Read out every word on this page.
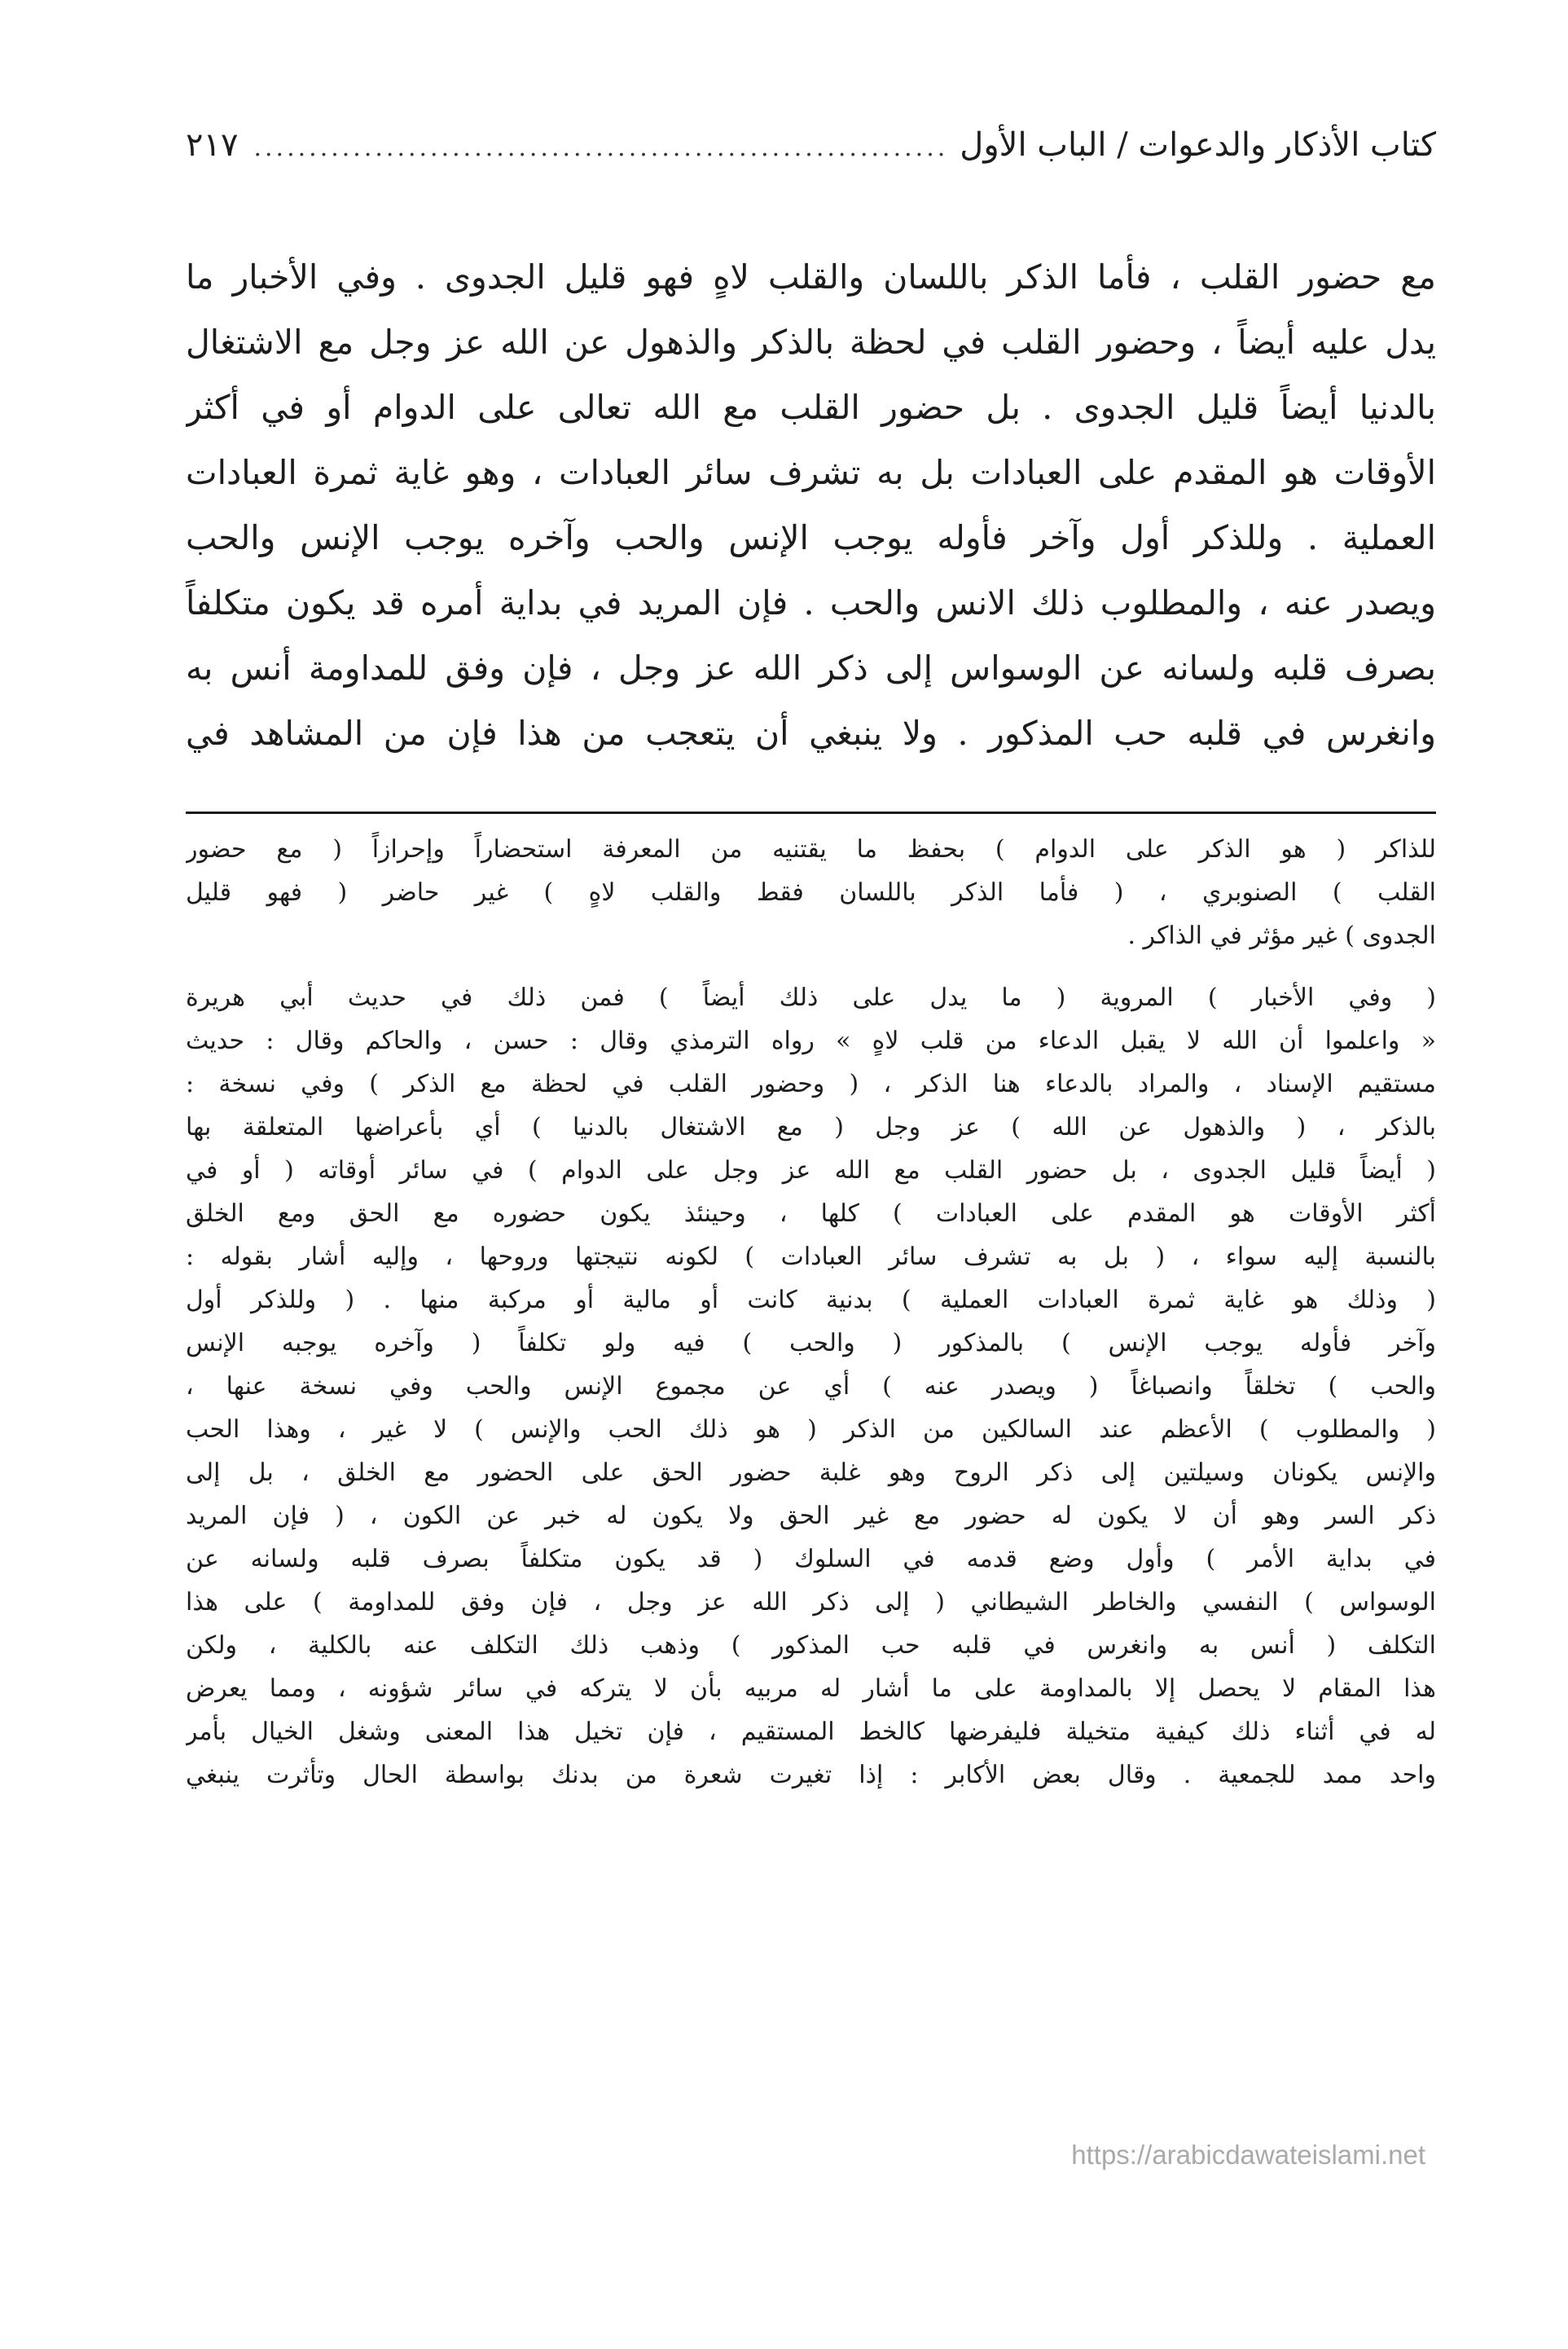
كتاب الأذكار والدعوات / الباب الأول
.....
٢١٧
مع حضور القلب ، فأما الذكر باللسان والقلب لاهٍ فهو قليل الجدوى . وفي الأخبار ما
يدل عليه أيضاً ، وحضور القلب في لحظة بالذكر والذهول عن الله عز وجل مع الاشتغال
بالدنيا أيضاً قليل الجدوى . بل حضور القلب مع الله تعالى على الدوام أو في أكثر
الأوقات هو المقدم على العبادات بل به تشرف سائر العبادات ، وهو غاية ثمرة العبادات
العملية . وللذكر أول وآخر فأوله يوجب الإنس والحب وآخره يوجب الإنس والحب
ويصدر عنه ، والمطلوب ذلك الانس والحب . فإن المريد في بداية أمره قد يكون متكلفاً
بصرف قلبه ولسانه عن الوسواس إلى ذكر الله عز وجل ، فإن وفق للمداومة أنس به
وانغرس في قلبه حب المذكور . ولا ينبغي أن يتعجب من هذا فإن من المشاهد في
للذاكر ( هو الذكر على الدوام ) بحفظ ما يقتنيه من المعرفة استحضاراً وإحرازاً ( مع حضور
القلب ) الصنوبري ، ( فأما الذكر باللسان فقط والقلب لاهٍ ) غير حاضر ( فهو قليل
الجدوى ) غير مؤثر في الذاكر .
( وفي الأخبار ) المروية ( ما يدل على ذلك أيضاً ) فمن ذلك في حديث أبي هريرة
« واعلموا أن الله لا يقبل الدعاء من قلب لاهٍ » رواه الترمذي وقال : حسن ، والحاكم وقال : حديث
مستقيم الإسناد ، والمراد بالدعاء هنا الذكر ، ( وحضور القلب في لحظة مع الذكر ) وفي نسخة :
بالذكر ، ( والذهول عن الله ) عز وجل ( مع الاشتغال بالدنيا ) أي بأعراضها المتعلقة بها
( أيضاً قليل الجدوى ، بل حضور القلب مع الله عز وجل على الدوام ) في سائر أوقاته ( أو في
أكثر الأوقات هو المقدم على العبادات ) كلها ، وحينئذ يكون حضوره مع الحق ومع الخلق
بالنسبة إليه سواء ، ( بل به تشرف سائر العبادات ) لكونه نتيجتها وروحها ، وإليه أشار بقوله :
( وذلك هو غاية ثمرة العبادات العملية ) بدنية كانت أو مالية أو مركبة منها . ( وللذكر أول
وآخر فأوله يوجب الإنس ) بالمذكور ( والحب ) فيه ولو تكلفاً ( وآخره يوجبه الإنس
والحب ) تخلقاً وانصباغاً ( ويصدر عنه ) أي عن مجموع الإنس والحب وفي نسخة عنها ،
( والمطلوب ) الأعظم عند السالكين من الذكر ( هو ذلك الحب والإنس ) لا غير ، وهذا الحب
والإنس يكونان وسيلتين إلى ذكر الروح وهو غلبة حضور الحق على الحضور مع الخلق ، بل إلى
ذكر السر وهو أن لا يكون له حضور مع غير الحق ولا يكون له خبر عن الكون ، ( فإن المريد
في بداية الأمر ) وأول وضع قدمه في السلوك ( قد يكون متكلفاً بصرف قلبه ولسانه عن
الوسواس ) النفسي والخاطر الشيطاني ( إلى ذكر الله عز وجل ، فإن وفق للمداومة ) على هذا
التكلف ( أنس به وانغرس في قلبه حب المذكور ) وذهب ذلك التكلف عنه بالكلية ، ولكن
هذا المقام لا يحصل إلا بالمداومة على ما أشار له مربيه بأن لا يتركه في سائر شؤونه ، ومما يعرض
له في أثناء ذلك كيفية متخيلة فليفرضها كالخط المستقيم ، فإن تخيل هذا المعنى وشغل الخيال بأمر
واحد ممد للجمعية . وقال بعض الأكابر : إذا تغيرت شعرة من بدنك بواسطة الحال وتأثرت ينبغي
https://arabicdawateislami.net
